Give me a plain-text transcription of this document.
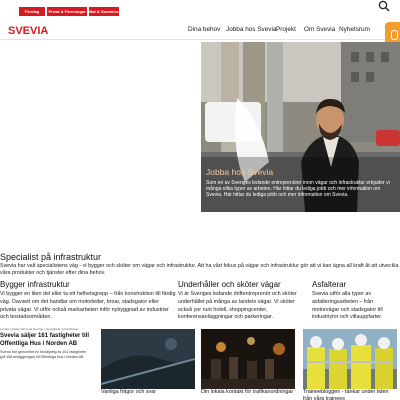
Företag	Privat & Föreningar Bat & Dummies
SVEVIA	Dina behov Jobba hos Svevia Projekt Om Svevia Nyhetsrum
Jobba hos Svevia

Som en av Sveriges ledande entreprenörer inom vägar och infrastruktur erbjuder vi många olika typer av arbeten. Här hittar du lediga jobb och mer information om Svevia. Här hittar du lediga jobb och mer information om Svevia.

Specialist på infrastruktur
Svevia har valt specialistens väg - vi bygger och sköter om vägar och infrastruktur. Att ha vårt fokus på vägar och infrastruktur gör att vi kan ägna all kraft åt att utveckla våra produkter och tjänster efter dina behov.
Bygger infrastruktur

Vi bygger en liten del eller ta ett helhetsgrepp – från konstruktion till färdig väg. Oavsett om det handlar om motorleder, broar, stadsgator eller privata vägar. Vi utför också markarbeten inför nybyggnad av industrier och bostadsområden.

Underhåller och sköter vägar

Vi är Sveriges ledande driftentreprenör och sköter underhållet på många av landets vägar. Vi sköter också yor runt hotell, shoppingcenter, konferensanläggningar och parkeringar.

Asfalterar

Svevia utför alla typer av asfalteringsarbeten – från motorvägar och stadsgator till industriytor och villauppfarter.

Lokala nyheter från hela Sverige i vår digitala nyhetsbrevet
Svevia säljer 161 fastigheter till Offentliga Hus i Norden AB
Svevia har genomfört en försäljning av 161 fastigheter (på 158 anläggningar) till Offentliga Hus i Norden AB
Vanliga frågor och svar	Din lokala kontakt för trafikanordningar	Traineebloggen - tankar under tiden från våra trainees
